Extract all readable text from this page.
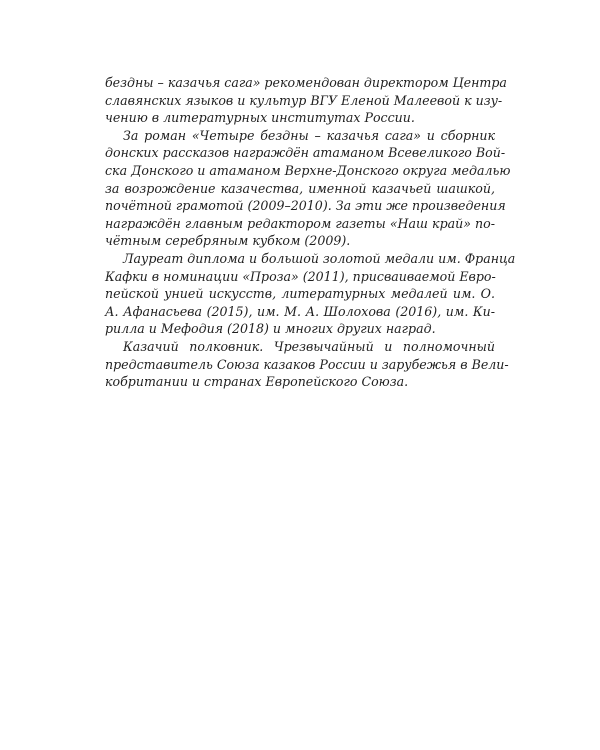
бездны – казачья сага» рекомендован директором Центра
славянских языков и культур ВГУ Еленой Малеевой к изу-
чению в литературных институтах России.
За роман «Четыре бездны – казачья сага» и сборник
донских рассказов награждён атаманом Всевеликого Вой-
ска Донского и атаманом Верхне-Донского округа медалью
за возрождение казачества, именной казачьей шашкой,
почётной грамотой (2009–2010). За эти же произведения
награждён главным редактором газеты «Наш край» по-
чётным серебряным кубком (2009).
Лауреат диплома и большой золотой медали им. Франца
Кафки в номинации «Проза» (2011), присваиваемой Евро-
пейской унией искусств, литературных медалей им. О.
А. Афанасьева (2015), им. М. А. Шолохова (2016), им. Ки-
рилла и Мефодия (2018) и многих других наград.
Казачий полковник. Чрезвычайный и полномочный
представитель Союза казаков России и зарубежья в Вели-
кобритании и странах Европейского Союза.
